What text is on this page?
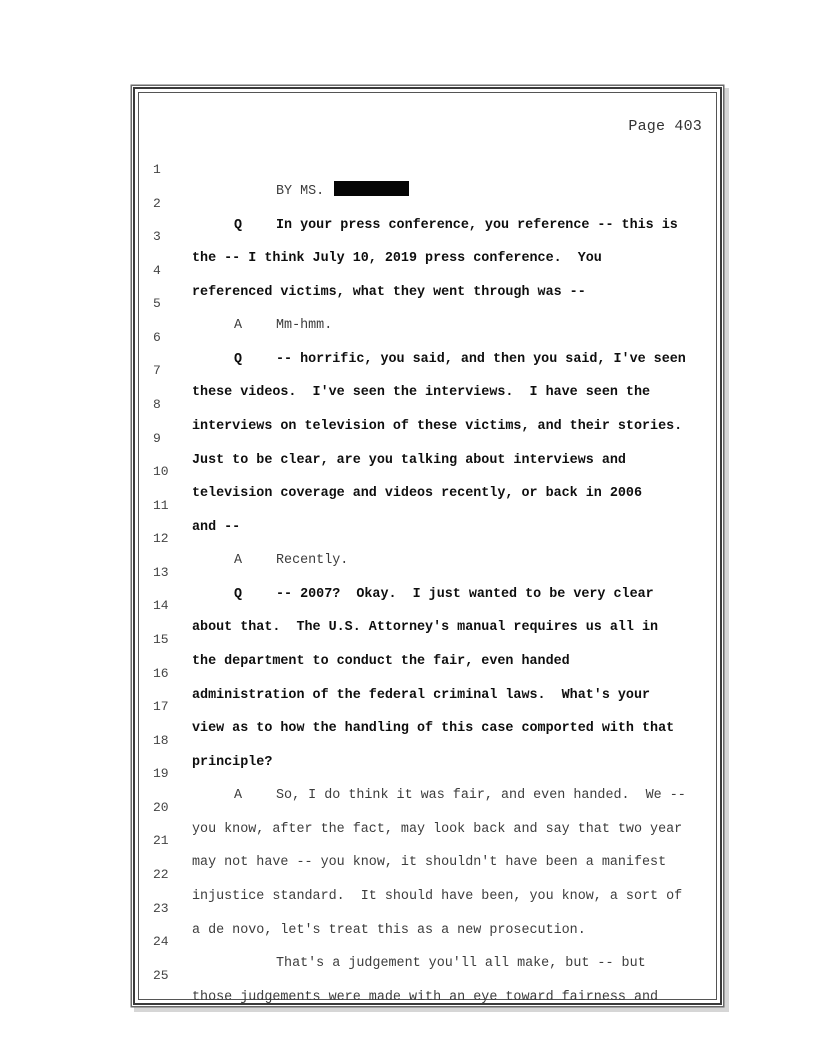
Page 403

1

BY MS.

2

Q	In your press conference, you reference -- this is

3

the -- I think July 10, 2019 press conference.  You

4

referenced victims, what they went through was --

5

A	Mm-hmm.

6

Q	-- horrific, you said, and then you said, I've seen

7

these videos.  I've seen the interviews.  I have seen the

8

interviews on television of these victims, and their stories.

9

Just to be clear, are you talking about interviews and

10

television coverage and videos recently, or back in 2006

11

and --

12

A	Recently.

13

Q	-- 2007?  Okay.  I just wanted to be very clear

14

about that.  The U.S. Attorney's manual requires us all in

15

the department to conduct the fair, even handed

16

administration of the federal criminal laws.  What's your

17

view as to how the handling of this case comported with that

18

principle?

19

A	So, I do think it was fair, and even handed.  We --

20

you know, after the fact, may look back and say that two year

21

may not have -- you know, it shouldn't have been a manifest

22

injustice standard.  It should have been, you know, a sort of

23

a de novo, let's treat this as a new prosecution.

24

That's a judgement you'll all make, but -- but

25

those judgements were made with an eye toward fairness and
